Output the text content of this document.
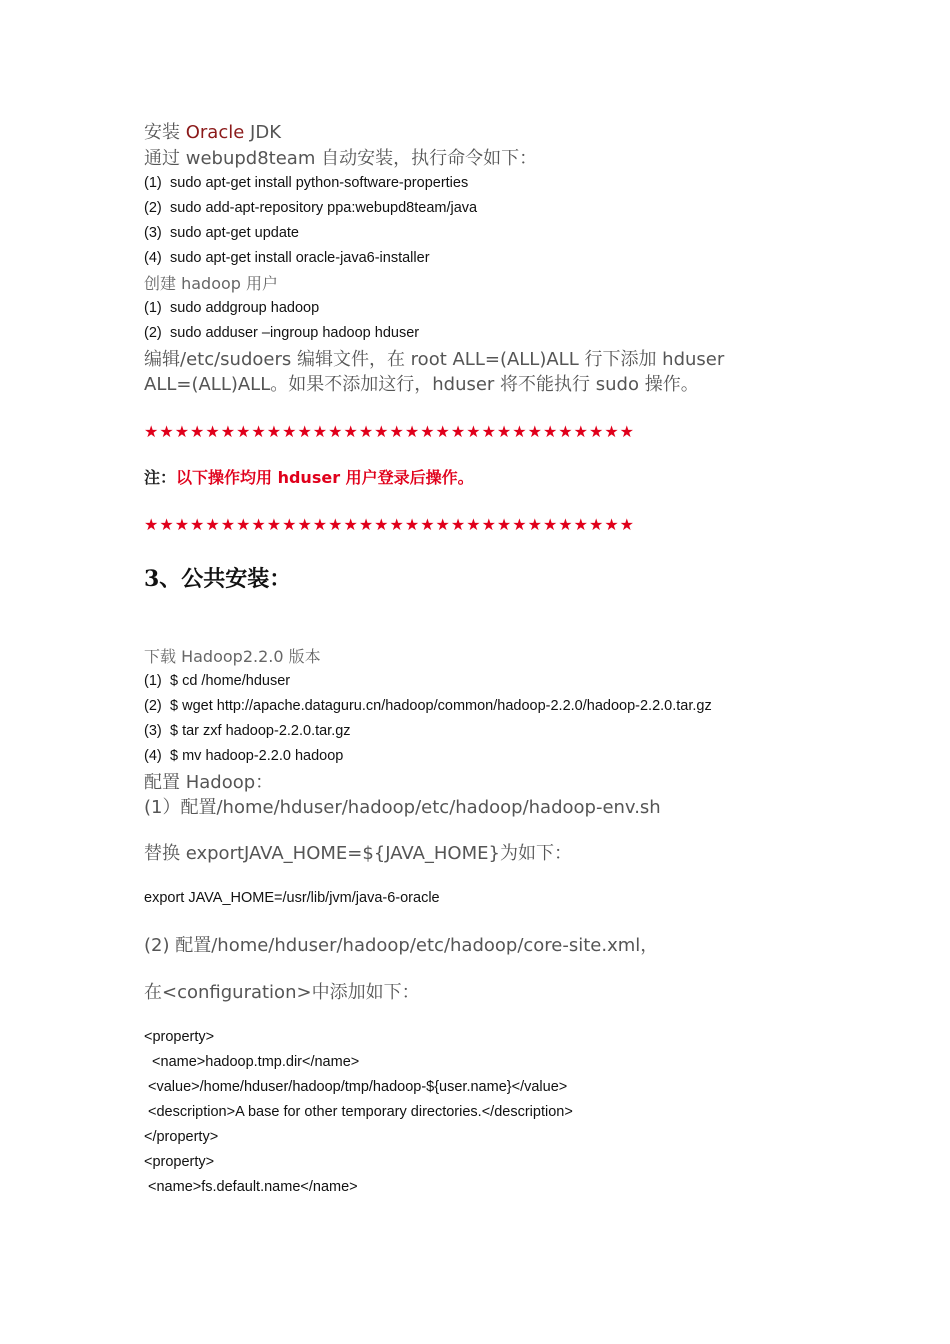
安装 Oracle JDK
通过 webupd8team 自动安装，执行命令如下：
(1) sudo apt-get install python-software-properties
(2) sudo add-apt-repository ppa:webupd8team/java
(3) sudo apt-get update
(4) sudo apt-get install oracle-java6-installer
创建 hadoop 用户
(1) sudo addgroup hadoop
(2) sudo adduser –ingroup hadoop hduser
编辑/etc/sudoers 编辑文件，在 root ALL=(ALL)ALL 行下添加 hduser
ALL=(ALL)ALL。如果不添加这行，hduser 将不能执行 sudo 操作。
★★★★★★★★★★★★★★★★★★★★★★★★★★★★★★★★
注：以下操作均用 hduser 用户登录后操作。
★★★★★★★★★★★★★★★★★★★★★★★★★★★★★★★★
3、公共安装：
下载 Hadoop2.2.0 版本
(1) $ cd /home/hduser
(2) $ wget http://apache.dataguru.cn/hadoop/common/hadoop-2.2.0/hadoop-2.2.0.tar.gz
(3) $ tar zxf hadoop-2.2.0.tar.gz
(4) $ mv hadoop-2.2.0 hadoop
配置 Hadoop：
(1）配置/home/hduser/hadoop/etc/hadoop/hadoop-env.sh
替换 exportJAVA_HOME=${JAVA_HOME}为如下：
export JAVA_HOME=/usr/lib/jvm/java-6-oracle
(2) 配置/home/hduser/hadoop/etc/hadoop/core-site.xml，
在<configuration>中添加如下：
<property>
<name>hadoop.tmp.dir</name>
<value>/home/hduser/hadoop/tmp/hadoop-${user.name}</value>
<description>A base for other temporary directories.</description>
</property>
<property>
<name>fs.default.name</name>
